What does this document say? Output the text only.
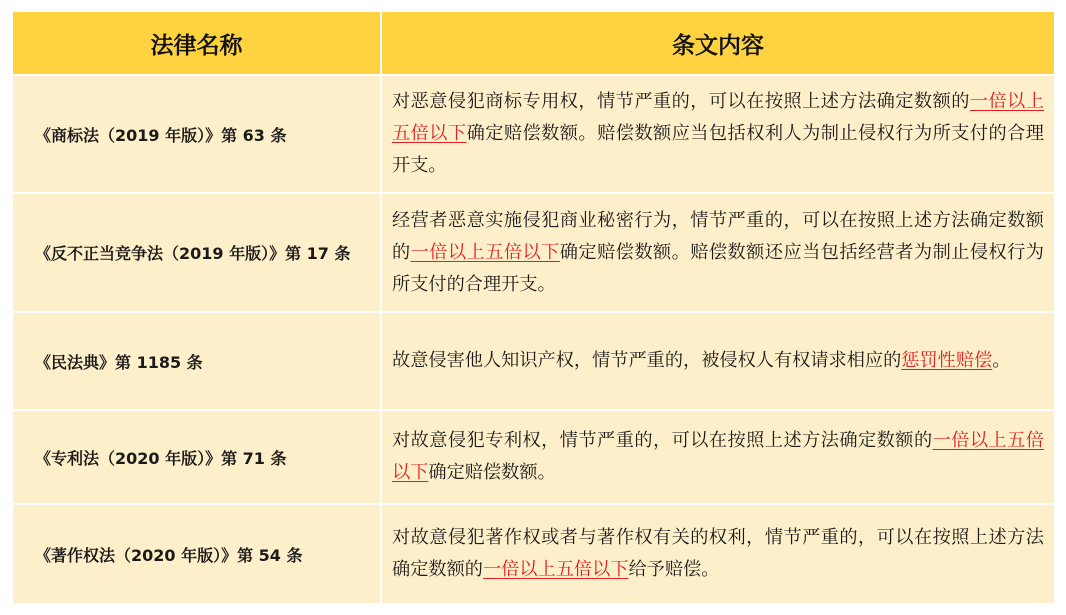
法律名称	条文内容
《商标法（2019 年版）》第 63 条	对恶意侵犯商标专用权，情节严重的，可以在按照上述方法确定数额的一倍以上五倍以下确定赔偿数额。赔偿数额应当包括权利人为制止侵权行为所支付的合理开支。
《反不正当竞争法（2019 年版）》第 17 条	经营者恶意实施侵犯商业秘密行为，情节严重的，可以在按照上述方法确定数额的一倍以上五倍以下确定赔偿数额。赔偿数额还应当包括经营者为制止侵权行为所支付的合理开支。
《民法典》第 1185 条	故意侵害他人知识产权，情节严重的，被侵权人有权请求相应的惩罚性赔偿。
《专利法（2020 年版）》第 71 条	对故意侵犯专利权，情节严重的，可以在按照上述方法确定数额的一倍以上五倍以下确定赔偿数额。
《著作权法（2020 年版）》第 54 条	对故意侵犯著作权或者与著作权有关的权利，情节严重的，可以在按照上述方法确定数额的一倍以上五倍以下给予赔偿。
